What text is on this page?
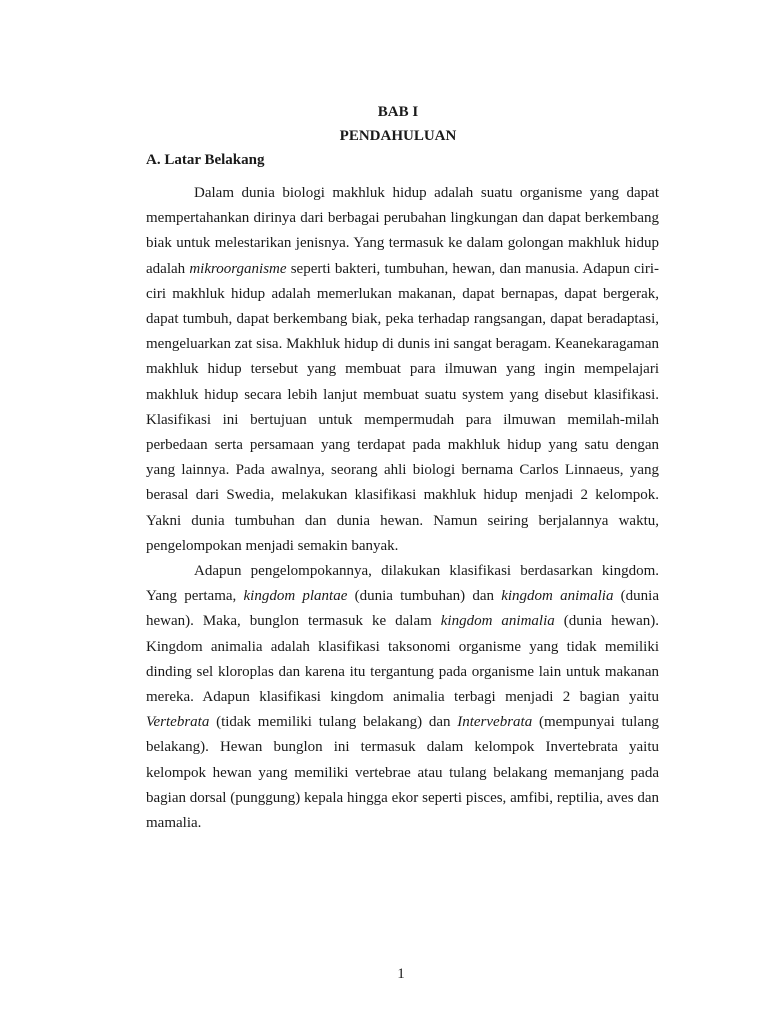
BAB I

PENDAHULUAN

A. Latar Belakang

Dalam dunia biologi makhluk hidup adalah suatu organisme yang dapat mempertahankan dirinya dari berbagai perubahan lingkungan dan dapat berkembang biak untuk melestarikan jenisnya. Yang termasuk ke dalam golongan makhluk hidup adalah mikroorganisme seperti bakteri, tumbuhan, hewan, dan manusia. Adapun ciri-ciri makhluk hidup adalah memerlukan makanan, dapat bernapas, dapat bergerak, dapat tumbuh, dapat berkembang biak, peka terhadap rangsangan, dapat beradaptasi, mengeluarkan zat sisa. Makhluk hidup di dunis ini sangat beragam. Keanekaragaman makhluk hidup tersebut yang membuat para ilmuwan yang ingin mempelajari makhluk hidup secara lebih lanjut membuat suatu system yang disebut klasifikasi. Klasifikasi ini bertujuan untuk mempermudah para ilmuwan memilah-milah perbedaan serta persamaan yang terdapat pada makhluk hidup yang satu dengan yang lainnya. Pada awalnya, seorang ahli biologi bernama Carlos Linnaeus, yang berasal dari Swedia, melakukan klasifikasi makhluk hidup menjadi 2 kelompok. Yakni dunia tumbuhan dan dunia hewan. Namun seiring berjalannya waktu, pengelompokan menjadi semakin banyak.

Adapun pengelompokannya, dilakukan klasifikasi berdasarkan kingdom. Yang pertama, kingdom plantae (dunia tumbuhan) dan kingdom animalia (dunia hewan). Maka, bunglon termasuk ke dalam kingdom animalia (dunia hewan). Kingdom animalia adalah klasifikasi taksonomi organisme yang tidak memiliki dinding sel kloroplas dan karena itu tergantung pada organisme lain untuk makanan mereka. Adapun klasifikasi kingdom animalia terbagi menjadi 2 bagian yaitu Vertebrata (tidak memiliki tulang belakang) dan Intervebrata (mempunyai tulang belakang). Hewan bunglon ini termasuk dalam kelompok Invertebrata yaitu kelompok hewan yang memiliki vertebrae atau tulang belakang memanjang pada bagian dorsal (punggung) kepala hingga ekor seperti pisces, amfibi, reptilia, aves dan mamalia.

1
